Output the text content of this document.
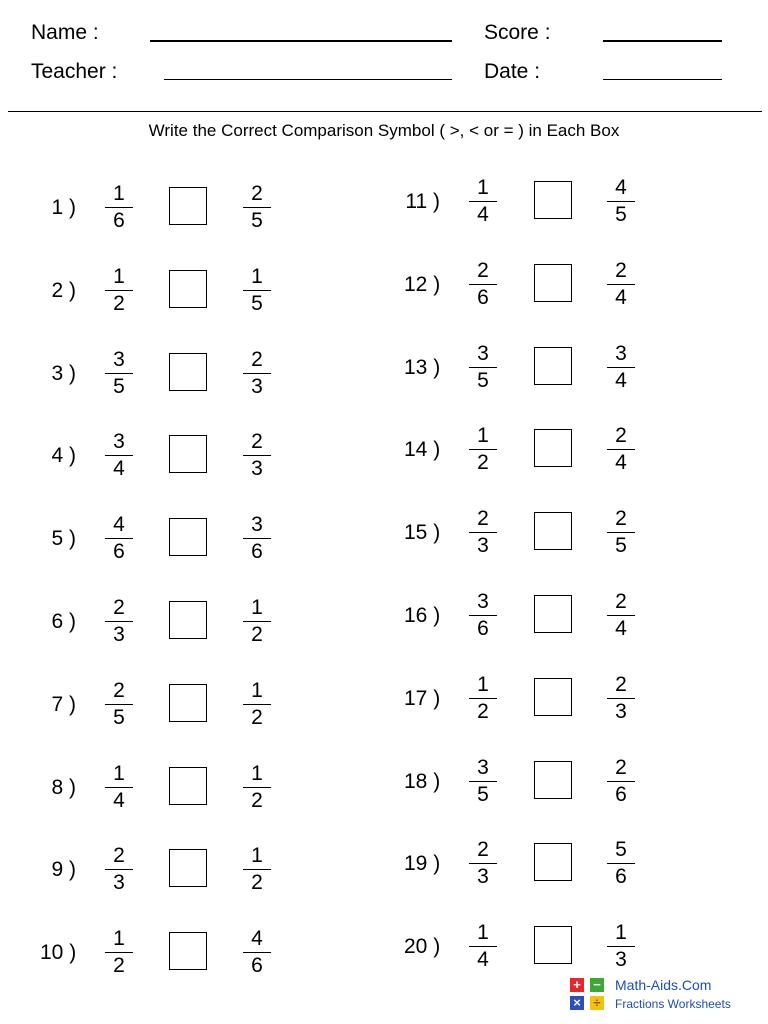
Name :
Teacher :
Score :
Date :
Write the Correct Comparison Symbol ( >, < or = ) in Each Box
1 )
1
6
2
5
2 )
1
2
1
5
3 )
3
5
2
3
4 )
3
4
2
3
5 )
4
6
3
6
6 )
2
3
1
2
7 )
2
5
1
2
8 )
1
4
1
2
9 )
2
3
1
2
10 )
1
2
4
6
11 )
1
4
4
5
12 )
2
6
2
4
13 )
3
5
3
4
14 )
1
2
2
4
15 )
2
3
2
5
16 )
3
6
2
4
17 )
1
2
2
3
18 )
3
5
2
6
19 )
2
3
5
6
20 )
1
4
1
3
+ −
× ÷
Math-Aids.Com
Fractions Worksheets
